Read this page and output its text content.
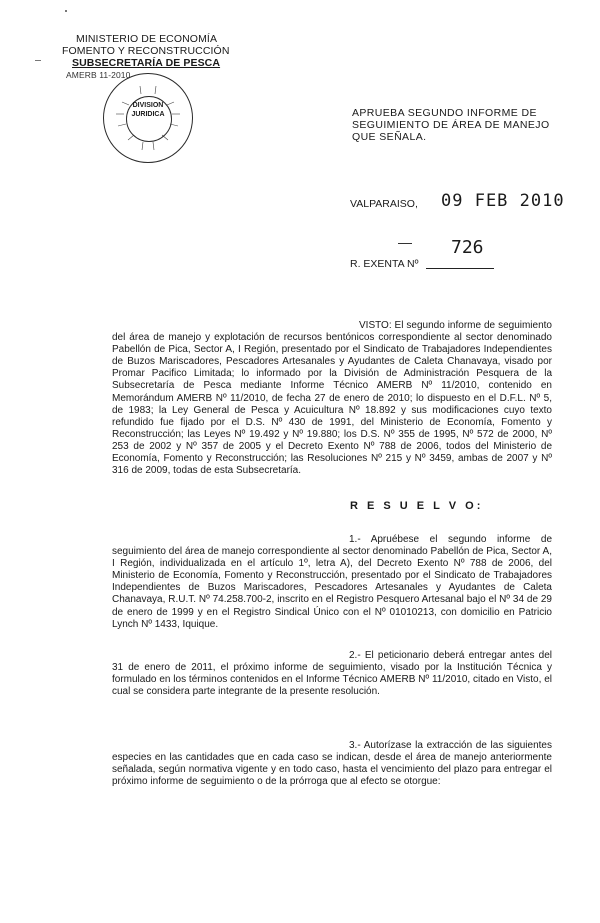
MINISTERIO DE ECONOMÍA
FOMENTO Y RECONSTRUCCIÓN
SUBSECRETARÍA DE PESCA
AMERB 11-2010
DIVISION
JURIDICA	APRUEBA SEGUNDO INFORME DE SEGUIMIENTO DE ÁREA DE MANEJO QUE SEÑALA.
VALPARAISO, 09 FEB 2010
726
R. EXENTA Nº
VISTO: El segundo informe de seguimiento del área de manejo y explotación de recursos bentónicos correspondiente al sector denominado Pabellón de Pica, Sector A, I Región, presentado por el Sindicato de Trabajadores Independientes de Buzos Mariscadores, Pescadores Artesanales y Ayudantes de Caleta Chanavaya, visado por Promar Pacifico Limitada; lo informado por la División de Administración Pesquera de la Subsecretaría de Pesca mediante Informe Técnico AMERB Nº 11/2010, contenido en Memorándum AMERB Nº 11/2010, de fecha 27 de enero de 2010; lo dispuesto en el D.F.L. Nº 5, de 1983; la Ley General de Pesca y Acuicultura Nº 18.892 y sus modificaciones cuyo texto refundido fue fijado por el D.S. Nº 430 de 1991, del Ministerio de Economía, Fomento y Reconstrucción; las Leyes Nº 19.492 y Nº 19.880; los D.S. Nº 355 de 1995, Nº 572 de 2000, Nº 253 de 2002 y Nº 357 de 2005 y el Decreto Exento Nº 788 de 2006, todos del Ministerio de Economía, Fomento y Reconstrucción; las Resoluciones Nº 215 y Nº 3459, ambas de 2007 y Nº 316 de 2009, todas de esta Subsecretaría.
R E S U E L V O:
1.- Apruébese el segundo informe de seguimiento del área de manejo correspondiente al sector denominado Pabellón de Pica, Sector A, I Región, individualizada en el artículo 1º, letra A), del Decreto Exento Nº 788 de 2006, del Ministerio de Economía, Fomento y Reconstrucción, presentado por el Sindicato de Trabajadores Independientes de Buzos Mariscadores, Pescadores Artesanales y Ayudantes de Caleta Chanavaya, R.U.T. Nº 74.258.700-2, inscrito en el Registro Pesquero Artesanal bajo el Nº 34 de 29 de enero de 1999 y en el Registro Sindical Único con el Nº 01010213, con domicilio en Patricio Lynch Nº 1433, Iquique.
2.- El peticionario deberá entregar antes del 31 de enero de 2011, el próximo informe de seguimiento, visado por la Institución Técnica y formulado en los términos contenidos en el Informe Técnico AMERB Nº 11/2010, citado en Visto, el cual se considera parte integrante de la presente resolución.
3.- Autorízase la extracción de las siguientes especies en las cantidades que en cada caso se indican, desde el área de manejo anteriormente señalada, según normativa vigente y en todo caso, hasta el vencimiento del plazo para entregar el próximo informe de seguimiento o de la prórroga que al efecto se otorgue:
